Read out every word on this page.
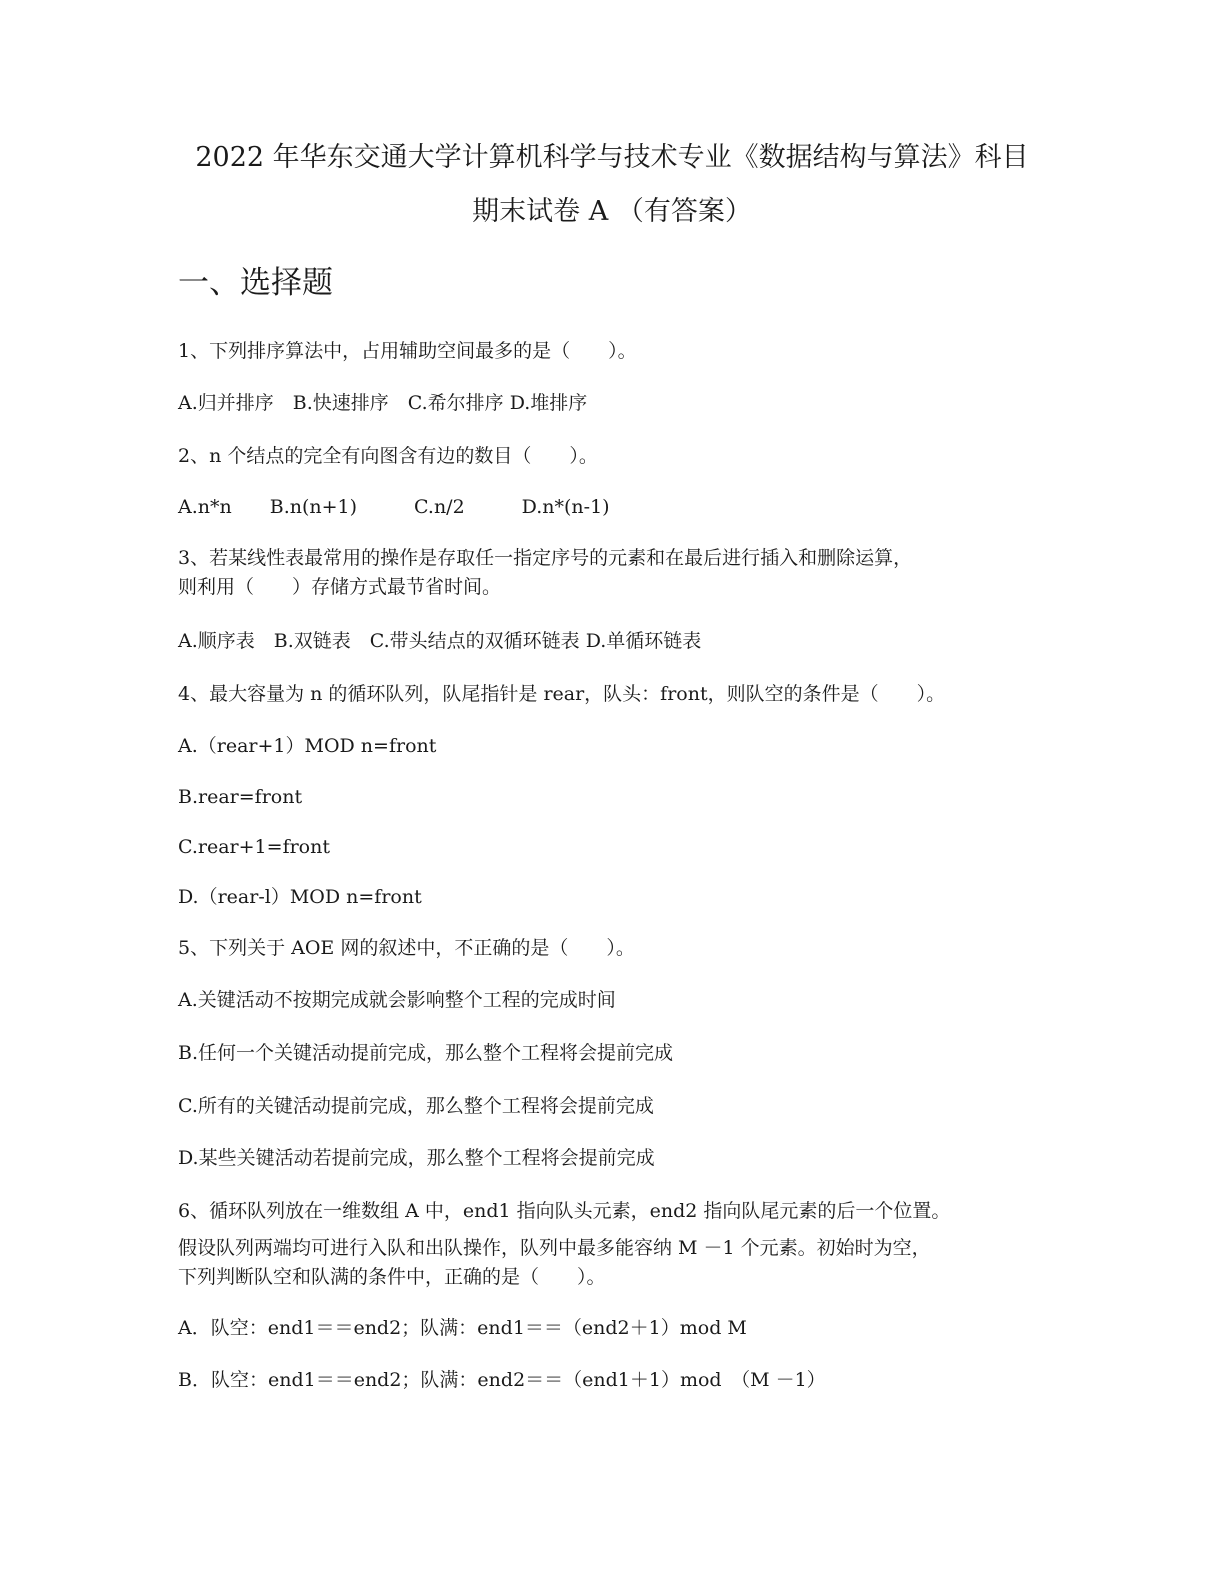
2022 年华东交通大学计算机科学与技术专业《数据结构与算法》科目
期末试卷 A （有答案）
一、选择题
1、下列排序算法中，占用辅助空间最多的是（　　）。
A.归并排序　B.快速排序　C.希尔排序 D.堆排序
2、n 个结点的完全有向图含有边的数目（　　）。
A.n*n　　B.n(n+1)　　　C.n/2　　　D.n*(n-1)
3、若某线性表最常用的操作是存取任一指定序号的元素和在最后进行插入和删除运算，
则利用（　　）存储方式最节省时间。
A.顺序表　B.双链表　C.带头结点的双循环链表 D.单循环链表
4、最大容量为 n 的循环队列，队尾指针是 rear，队头：front，则队空的条件是（　　）。
A.（rear+1）MOD n=front
B.rear=front
C.rear+1=front
D.（rear-l）MOD n=front
5、下列关于 AOE 网的叙述中，不正确的是（　　）。
A.关键活动不按期完成就会影响整个工程的完成时间
B.任何一个关键活动提前完成，那么整个工程将会提前完成
C.所有的关键活动提前完成，那么整个工程将会提前完成
D.某些关键活动若提前完成，那么整个工程将会提前完成
6、循环队列放在一维数组 A 中，end1 指向队头元素，end2 指向队尾元素的后一个位置。
假设队列两端均可进行入队和出队操作，队列中最多能容纳 M －1 个元素。初始时为空，
下列判断队空和队满的条件中，正确的是（　　）。
A．队空：end1＝＝end2；队满：end1＝＝（end2＋1）mod M
B．队空：end1＝＝end2；队满：end2＝＝（end1＋1）mod　（M －1）
